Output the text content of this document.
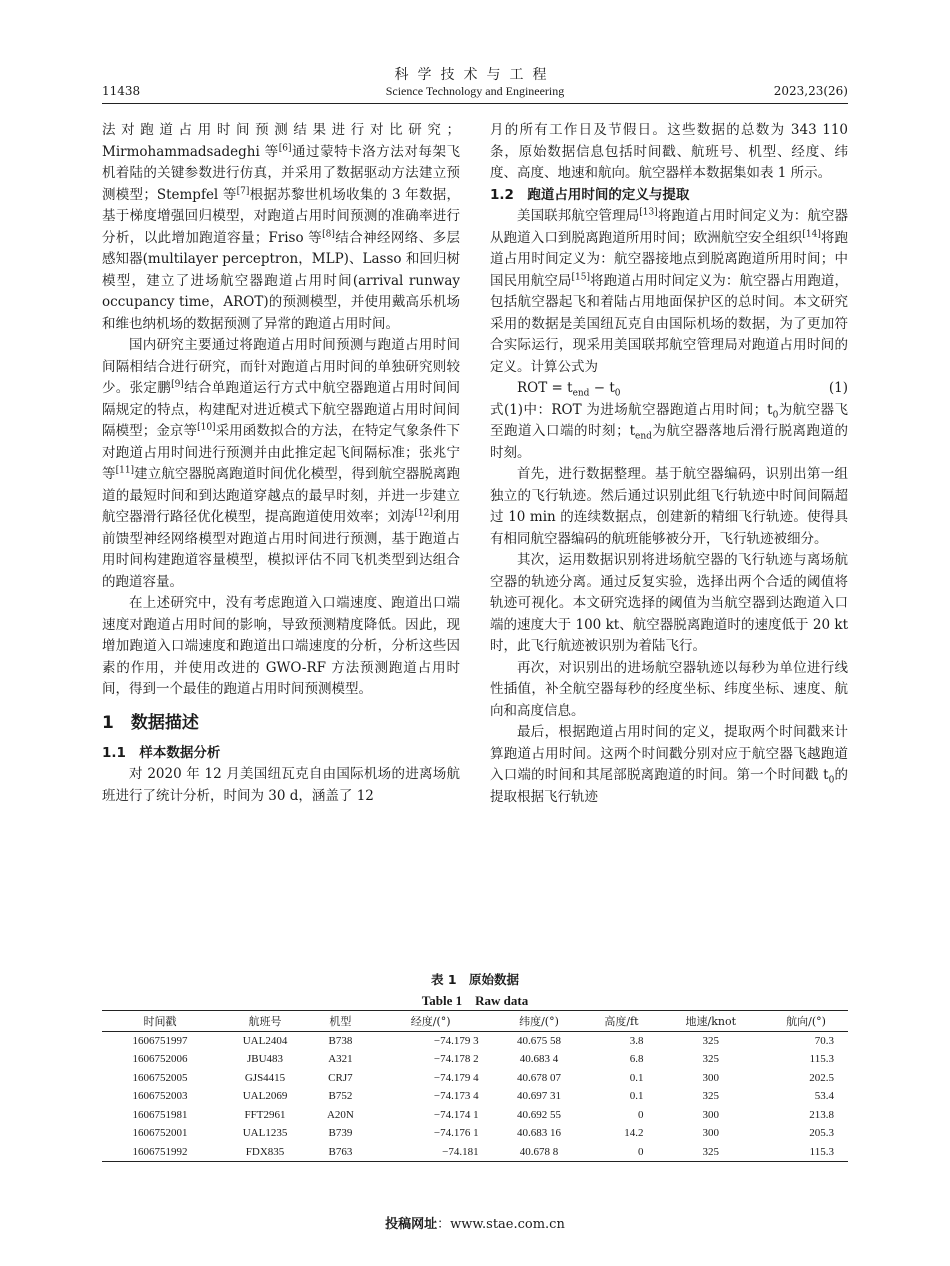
科学技术与工程
11438	Science Technology and Engineering	2023,23(26)

法对跑道占用时间预测结果进行对比研究；Mirmohammadsadeghi 等[6]通过蒙特卡洛方法对每架飞机着陆的关键参数进行仿真，并采用了数据驱动方法建立预测模型；Stempfel 等[7]根据苏黎世机场收集的 3 年数据，基于梯度增强回归模型，对跑道占用时间预测的准确率进行分析，以此增加跑道容量；Friso 等[8]结合神经网络、多层感知器(multilayer perceptron，MLP)、Lasso 和回归树模型，建立了进场航空器跑道占用时间(arrival runway occupancy time，AROT)的预测模型，并使用戴高乐机场和维也纳机场的数据预测了异常的跑道占用时间。

国内研究主要通过将跑道占用时间预测与跑道占用时间间隔相结合进行研究，而针对跑道占用时间的单独研究则较少。张定鹏[9]结合单跑道运行方式中航空器跑道占用时间间隔规定的特点，构建配对进近模式下航空器跑道占用时间间隔模型；金京等[10]采用函数拟合的方法，在特定气象条件下对跑道占用时间进行预测并由此推定起飞间隔标准；张兆宁等[11]建立航空器脱离跑道时间优化模型，得到航空器脱离跑道的最短时间和到达跑道穿越点的最早时刻，并进一步建立航空器滑行路径优化模型，提高跑道使用效率；刘涛[12]利用前馈型神经网络模型对跑道占用时间进行预测，基于跑道占用时间构建跑道容量模型，模拟评估不同飞机类型到达组合的跑道容量。

在上述研究中，没有考虑跑道入口端速度、跑道出口端速度对跑道占用时间的影响，导致预测精度降低。因此，现增加跑道入口端速度和跑道出口端速度的分析，分析这些因素的作用，并使用改进的 GWO-RF 方法预测跑道占用时间，得到一个最佳的跑道占用时间预测模型。

1　数据描述
1.1　样本数据分析

对 2020 年 12 月美国纽瓦克自由国际机场的进离场航班进行了统计分析，时间为 30 d，涵盖了 12

月的所有工作日及节假日。这些数据的总数为 343 110 条，原始数据信息包括时间戳、航班号、机型、经度、纬度、高度、地速和航向。航空器样本数据集如表 1 所示。

1.2　跑道占用时间的定义与提取

美国联邦航空管理局[13]将跑道占用时间定义为：航空器从跑道入口到脱离跑道所用时间；欧洲航空安全组织[14]将跑道占用时间定义为：航空器接地点到脱离跑道所用时间；中国民用航空局[15]将跑道占用时间定义为：航空器占用跑道，包括航空器起飞和着陆占用地面保护区的总时间。本文研究采用的数据是美国纽瓦克自由国际机场的数据，为了更加符合实际运行，现采用美国联邦航空管理局对跑道占用时间的定义。计算公式为

ROT = $t_{end} - t_0$	(1)

式(1)中：ROT 为进场航空器跑道占用时间；$t_0$为航空器飞至跑道入口端的时刻；$t_{end}$为航空器落地后滑行脱离跑道的时刻。

首先，进行数据整理。基于航空器编码，识别出第一组独立的飞行轨迹。然后通过识别此组飞行轨迹中时间间隔超过 10 min 的连续数据点，创建新的精细飞行轨迹。使得具有相同航空器编码的航班能够被分开，飞行轨迹被细分。

其次，运用数据识别将进场航空器的飞行轨迹与离场航空器的轨迹分离。通过反复实验，选择出两个合适的阈值将轨迹可视化。本文研究选择的阈值为当航空器到达跑道入口端的速度大于 100 kt、航空器脱离跑道时的速度低于 20 kt 时，此飞行航迹被识别为着陆飞行。

再次，对识别出的进场航空器轨迹以每秒为单位进行线性插值，补全航空器每秒的经度坐标、纬度坐标、速度、航向和高度信息。

最后，根据跑道占用时间的定义，提取两个时间戳来计算跑道占用时间。这两个时间戳分别对应于航空器飞越跑道入口端的时间和其尾部脱离跑道的时间。第一个时间戳 $t_0$的提取根据飞行轨迹

表 1　原始数据
Table 1　Raw data
时间戳	航班号	机型	经度/(°)	纬度/(°)	高度/ft	地速/knot	航向/(°)
1606751997	UAL2404	B738	−74.179 3	40.675 58	3.8	325	70.3
1606752006	JBU483	A321	−74.178 2	40.683 4	6.8	325	115.3
1606752005	GJS4415	CRJ7	−74.179 4	40.678 07	0.1	300	202.5
1606752003	UAL2069	B752	−74.173 4	40.697 31	0.1	325	53.4
1606751981	FFT2961	A20N	−74.174 1	40.692 55	0	300	213.8
1606752001	UAL1235	B739	−74.176 1	40.683 16	14.2	300	205.3
1606751992	FDX835	B763	−74.181	40.678 8	0	325	115.3
投稿网址：www.stae.com.cn
